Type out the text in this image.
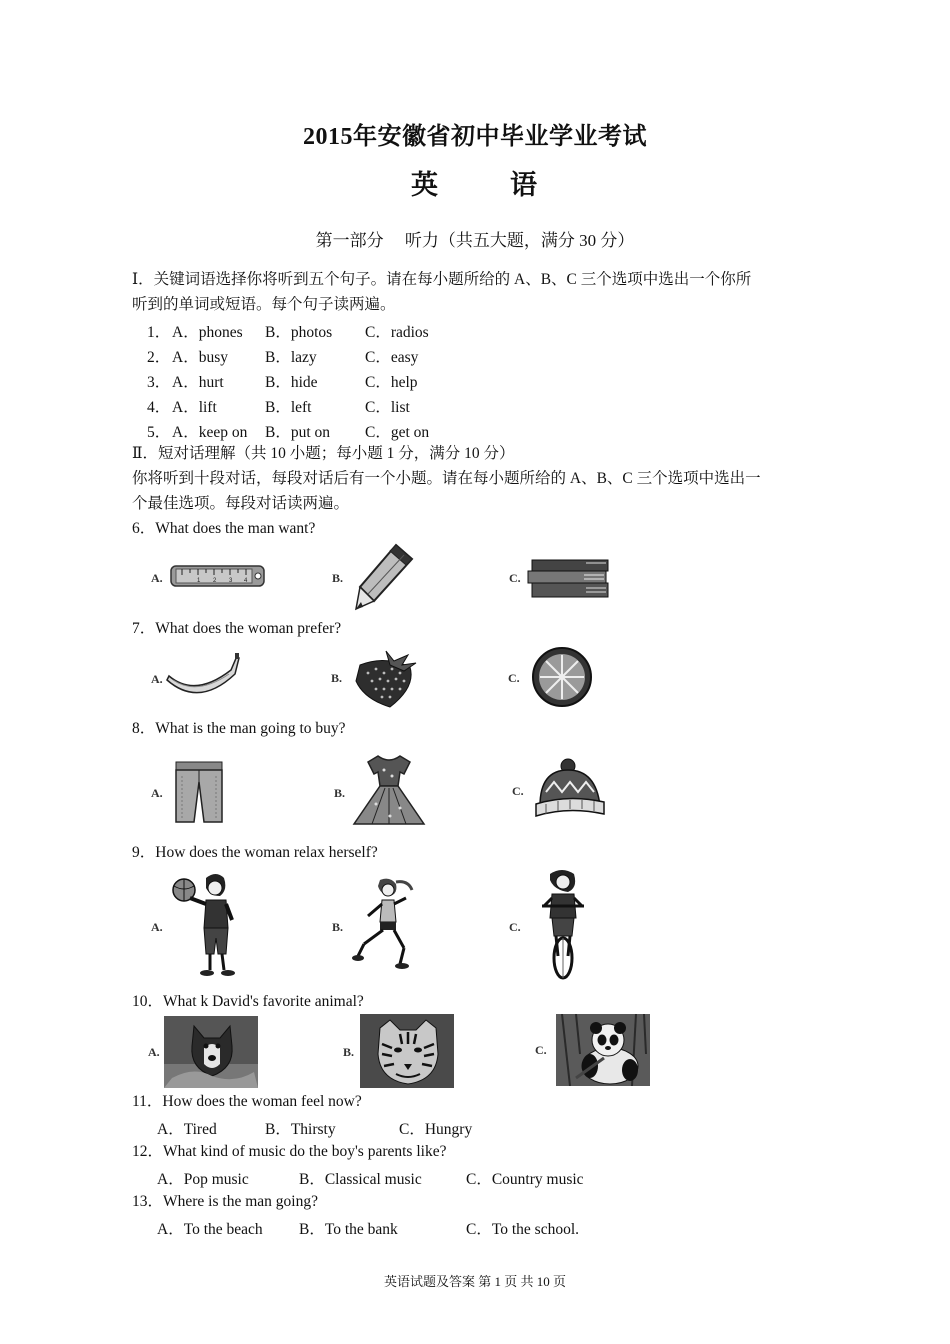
2015年安徽省初中毕业学业考试
英	语
第一部分　 听力（共五大题，满分 30 分）
Ⅰ．关键词语选择你将听到五个句子。请在每小题所给的 A、B、C 三个选项中选出一个你所
听到的单词或短语。每个句子读两遍。
1． A．phones B．photos C．radios
2． A．busy B．lazy	C．easy
3． A．hurt	B．hide	C．help
4． A．lift	B．left	C．list
5． A．keep on B．put on C．get on
Ⅱ．短对话理解（共 10 小题；每小题 1 分，满分 10 分）
你将听到十段对话，每段对话后有一个小题。请在每小题所给的 A、B、C 三个选项中选出一
个最佳选项。每段对话读两遍。
6．What does the man want?
A.	1 2 3 4	B.	C.
7．What does the woman prefer?
A.	B.	C.
8．What is the man going to buy?
A.	B.	C.
9．How does the woman relax herself?
A.	B.	C.
10．What k David's favorite animal?
A.	B.	C.
11．How does the woman feel now?
A．Tired	B．Thirsty	C．Hungry
12．What kind of music do the boy's parents like?
A．Pop music	B．Classical music	C．Country music
13．Where is the man going?
A．To the beach B．To the bank	C．To the school.
英语试题及答案 第 1 页 共 10 页
